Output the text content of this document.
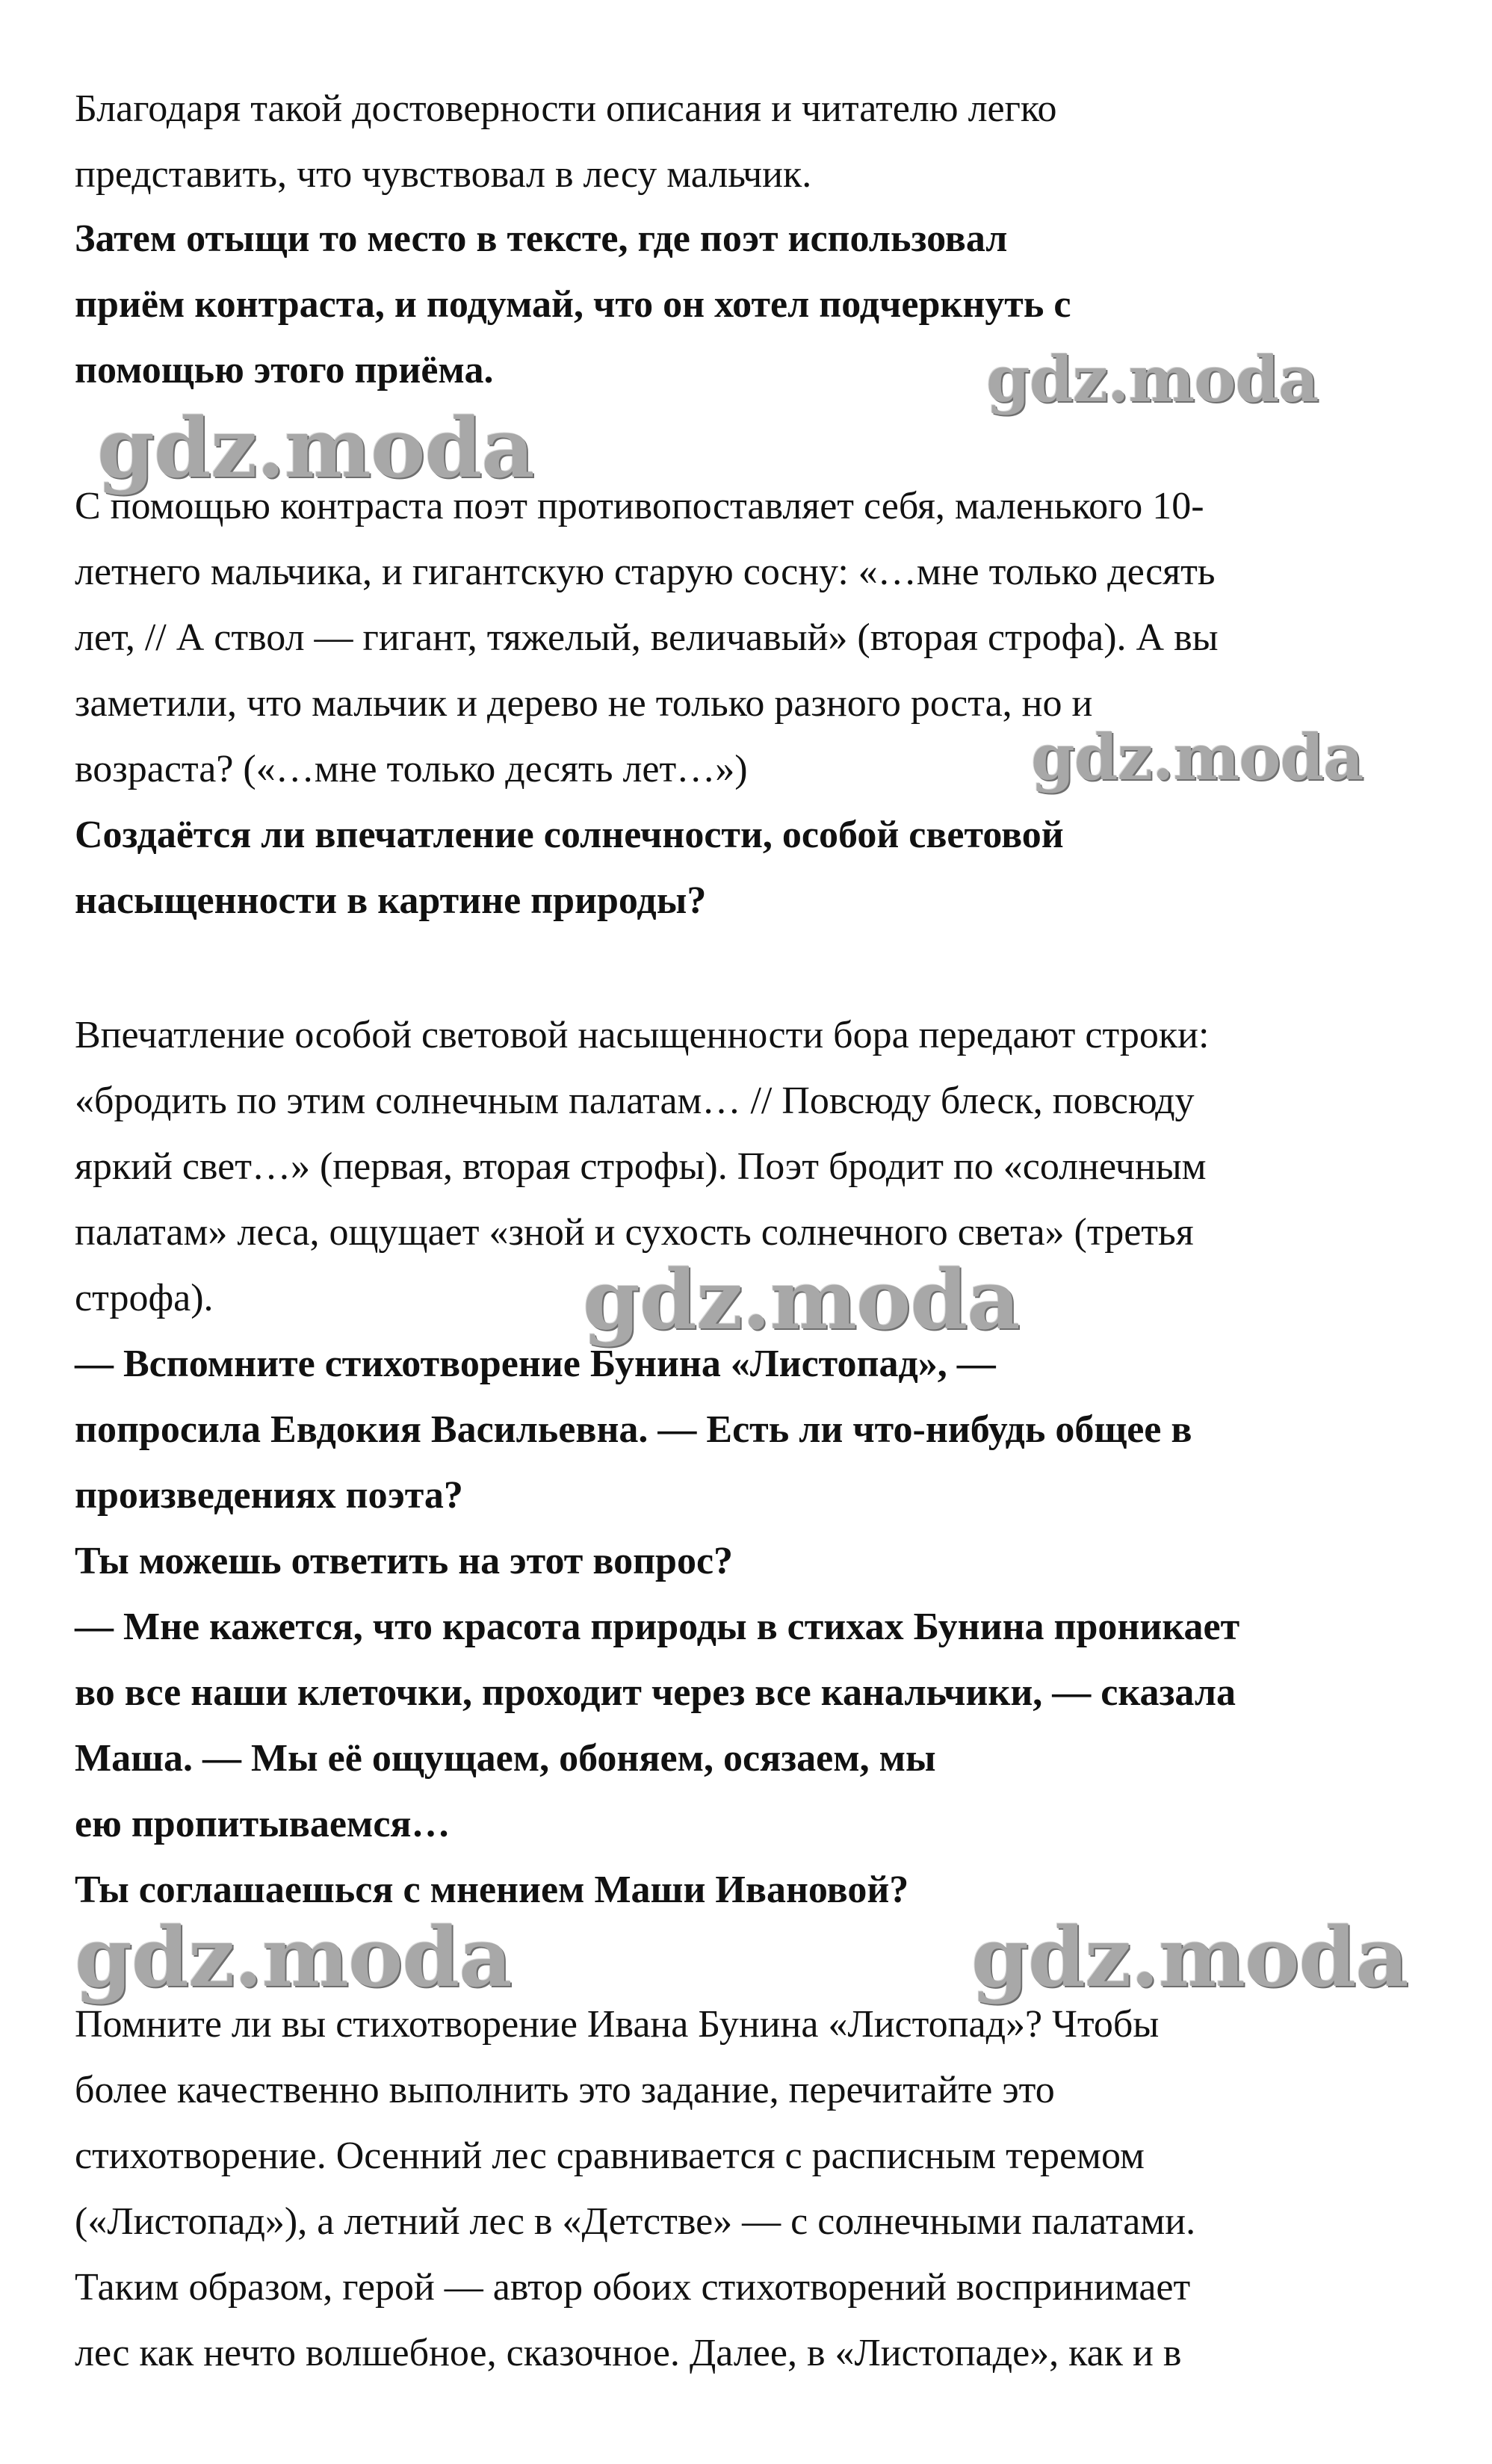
Благодаря такой достоверности описания и читателю легко
представить, что чувствовал в лесу мальчик.
Затем отыщи то место в тексте, где поэт использовал
приём контраста, и подумай, что он хотел подчеркнуть с
помощью этого приёма.
С помощью контраста поэт противопоставляет себя, маленького 10-
летнего мальчика, и гигантскую старую сосну: «…мне только десять
лет, // А ствол — гигант, тяжелый, величавый» (вторая строфа). А вы
заметили, что мальчик и дерево не только разного роста, но и
возраста? («…мне только десять лет…»)
Создаётся ли впечатление солнечности, особой световой
насыщенности в картине природы?
Впечатление особой световой насыщенности бора передают строки:
«бродить по этим солнечным палатам… // Повсюду блеск, повсюду
яркий свет…» (первая, вторая строфы). Поэт бродит по «солнечным
палатам» леса, ощущает «зной и сухость солнечного света» (третья
строфа).
— Вспомните стихотворение Бунина «Листопад», —
попросила Евдокия Васильевна. — Есть ли что-нибудь общее в
произведениях поэта?
Ты можешь ответить на этот вопрос?
— Мне кажется, что красота природы в стихах Бунина проникает
во все наши клеточки, проходит через все канальчики, — сказала
Маша. — Мы её ощущаем, обоняем, осязаем, мы
ею пропитываемся…
Ты соглашаешься с мнением Маши Ивановой?
Помните ли вы стихотворение Ивана Бунина «Листопад»? Чтобы
более качественно выполнить это задание, перечитайте это
стихотворение. Осенний лес сравнивается с расписным теремом
(«Листопад»), а летний лес в «Детстве» — с солнечными палатами.
Таким образом, герой — автор обоих стихотворений воспринимает
лес как нечто волшебное, сказочное. Далее, в «Листопаде», как и в
gdz.moda
gdz.moda
gdz.moda
gdz.moda
gdz.moda	gdz.moda
